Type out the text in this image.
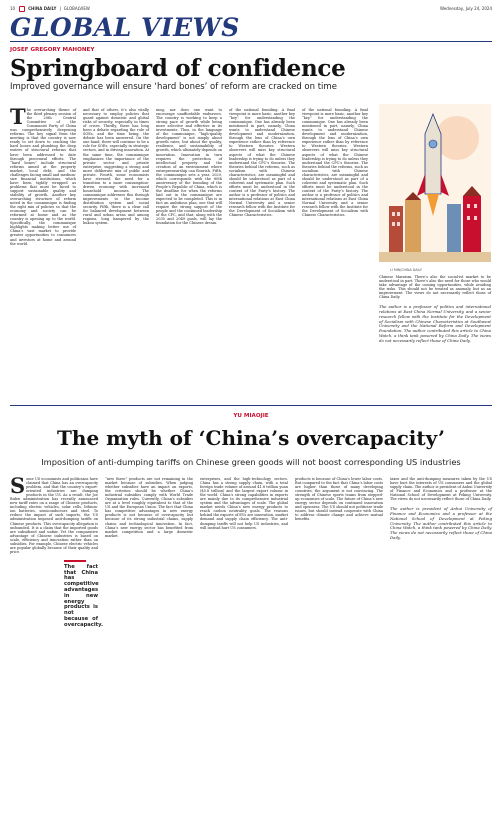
10	CHINA DAILY | GLOBALVIEW	Wednesday, July 24, 2024
GLOBAL VIEWS
JOSEF GREGORY MAHONEY
Springboard of confidence
Improved governance will ensure ‘hard bones’ of reform are cracked on time
T he overarching theme of the third plenary session of the 20th Central Committee of the Communist Party of China was comprehensively deepening reforms. The key signal from the meeting is that the country is now ready to set down to cracking the hard bones and plumbing the deep waters of structural reforms that have been addressed to date through piecemeal efforts. The “hard bones” include structural reforms aimed at the property market, local debt, and the challenges facing small and medium-size financial institutions, which have been tightly wrapped as problems that must be faced to support sustainable quality and stability of growth. Another key overarching structure of reform noted in the communique is finding the right mix of policies so that the economy and society can be reformed at home and as the country is opening up to the world. Specifically, the communique highlights making better use of China’s vast market to provide greater opportunities to consumers and investors at home and around the world.
and that of others, it’s also vitally necessary to employ policies that guard against domestic and global risks of security, especially in times of crises. Thirdly, there has long been a debate regarding the role of SOEs, and the time being, the debate has been answered. On the one hand, there will continue to be a role for SOEs, especially in strategic sectors, and in driving innovation. At the same time, the communique emphasizes the importance of the private sector and private enterprise, suggesting a strong and more deliberate mix of public and private. Fourth, some economists have stressed the need for a transition to a more consumption-driven economy with increased household incomes. The communique addresses this through improvements to the income distribution system and social security. Fifth, there is a clear call for balanced development between rural and urban areas and among regions, long hampered by the hukou system.
ning, nor does one want to encourage unaffordable endeavors. The country is working to keep a strong pace of growth while being more selective and effective in its investments. Thus, in the language of the communique, “high-quality development” is not simply about growth rates, but about the quality, resilience, and sustainability of growth, which ultimately depends on innovation. Innovation in turn requires the protection of intellectual property and the creation of an environment where entrepreneurship can flourish. Fifth, the communique sets a year, 2029, which corresponds with the 80th anniversary of the founding of the People’s Republic of China, which is the deadline for when the reforms laid out in the communique are expected to be completed. This is in fact an ambitious plan, one that will require the strong support of the people and the continued leadership of the CPC, and that, along with the 2035 and 2049 goals, will lay the foundation for the Chinese dream.
of the national founding. A final viewpoint is more basic, another key “key” for understanding the communique. One has already been mentioned in part, namely, China wants to understand Chinese development and modernization, through the lens of China’s own experience rather than by reference to Western theories. Western observers will miss key structural aspects of what the Chinese leadership is trying to do unless they understand the CPC’s theories. The theories behind the reforms, such as socialism with Chinese characteristics, are meaningful and should be understood as part of a coherent and systematic plan. Such efforts must be understood in the context of the Party’s history. The author is a professor of politics and international relations at East China Normal University and a senior research fellow with the Institute for the Development of Socialism with Chinese Characteristics.
of the national founding. A final viewpoint is more basic, another key “key” for understanding the communique. One has already been mentioned in part, namely, China wants to understand Chinese development and modernization, through the lens of China’s own experience rather than by reference to Western theories. Western observers will miss key structural aspects of what the Chinese leadership is trying to do unless they understand the CPC’s theories. The theories behind the reforms, such as socialism with Chinese characteristics, are meaningful and should be understood as part of a coherent and systematic plan. Such efforts must be understood in the context of the Party’s history. The author is a professor of politics and international relations at East China Normal University and a senior research fellow with the Institute for the Development of Socialism with Chinese Characteristics.
LI MIN/CHINA DAILY
Chinese Marxism. There’s also the social-ist market to be understood in part. There’s also the need for those who would take advantage of the coming opportunities, while avoiding the risks. This should not be treated as anomaly, but as an improvement. The views do not necessarily reflect those of China Daily.
The author is a professor of politics and international relations at East China Normal University, and a senior research fellow with the Institute for the Development of Socialism with Chinese Characteristics at Southwest University and the National Reform and Development Foundation. The author contributed this article to China Watch, a think tank powered by China Daily. The views do not necessarily reflect those of China Daily.
YU MIAOJIE
The myth of ‘China’s overcapacity’
Imposition of anti-dumping tariffs on Chinese green goods will not boost corresponding US industries
S ome US economists and politicians have claimed that China has an overcapacity problem, and that the country’s export-oriented industries are dumping products in the US. As a result, the Joe Biden administration has recently announced new tariff rates on a range of Chinese products, including electric vehicles, solar cells, lithium-ion batteries, semiconductors and steel. To reduce the impact of such imports, the US administration imposed anti-dumping tariffs on Chinese products. This overcapacity allegation is unfounded. It is a claim that the imported goods are subsidized and unfair. Yet the comparative advantage of Chinese industries is based on scale, efficiency and innovation rather than on subsidies. For example, Chinese electric vehicles are popular globally because of their quality and price.
The fact that China has competitive advantages in new energy products is not because of overcapacity.
“new three” products are not remaining in the market because of subsidies. When judging whether subsidies have an impact on exports, the criterion should be whether China’s industrial subsidies comply with World Trade Organization rules. Currently, China’s subsidies are at a level roughly equivalent to that of the US and the European Union. The fact that China has competitive advantages in new energy products is not because of overcapacity but because of its strong industrial chains, supply chains and technological innovation. In fact, China’s new energy sector has benefited from market competition and a large domestic market.
enterprises, and the high-technology sectors. China has a strong supply chain, with a total foreign trade volume of around 41.8 trillion yuan ($5.8 trillion) and the largest export volume in the world. China’s strong capabilities in exports are mainly due to its comprehensive industrial system and the advantages of scale. The global market needs China’s new energy products to reach carbon neutrality goals. The reasons behind the exports of EVs are innovation, market demand and supply chain efficiency. The anti-dumping tariffs will not help US industries, and will instead hurt US consumers.
products is because of China’s lower labor costs. But compared to the fact that China’s labor costs are higher than those of many developing countries, the argument is not convincing. The strength of Chinese sports teams from stepped-up economies of scale. The future of China’s new energy sector depends on continued innovation and openness. The US should not politicize trade issues, but should instead cooperate with China to address climate change and achieve mutual benefits.
taxes and the anti-dumping measures taken by the US have hurt the interests of US consumers and the global supply chain. The author is president of Anhui University of Finance and Economics and a professor at the National School of Development at Peking University. The views do not necessarily reflect those of China Daily.
The author is president of Anhui University of Finance and Economics and a professor at the National School of Development at Peking University. The author contributed this article to China Watch, a think tank powered by China Daily. The views do not necessarily reflect those of China Daily.
